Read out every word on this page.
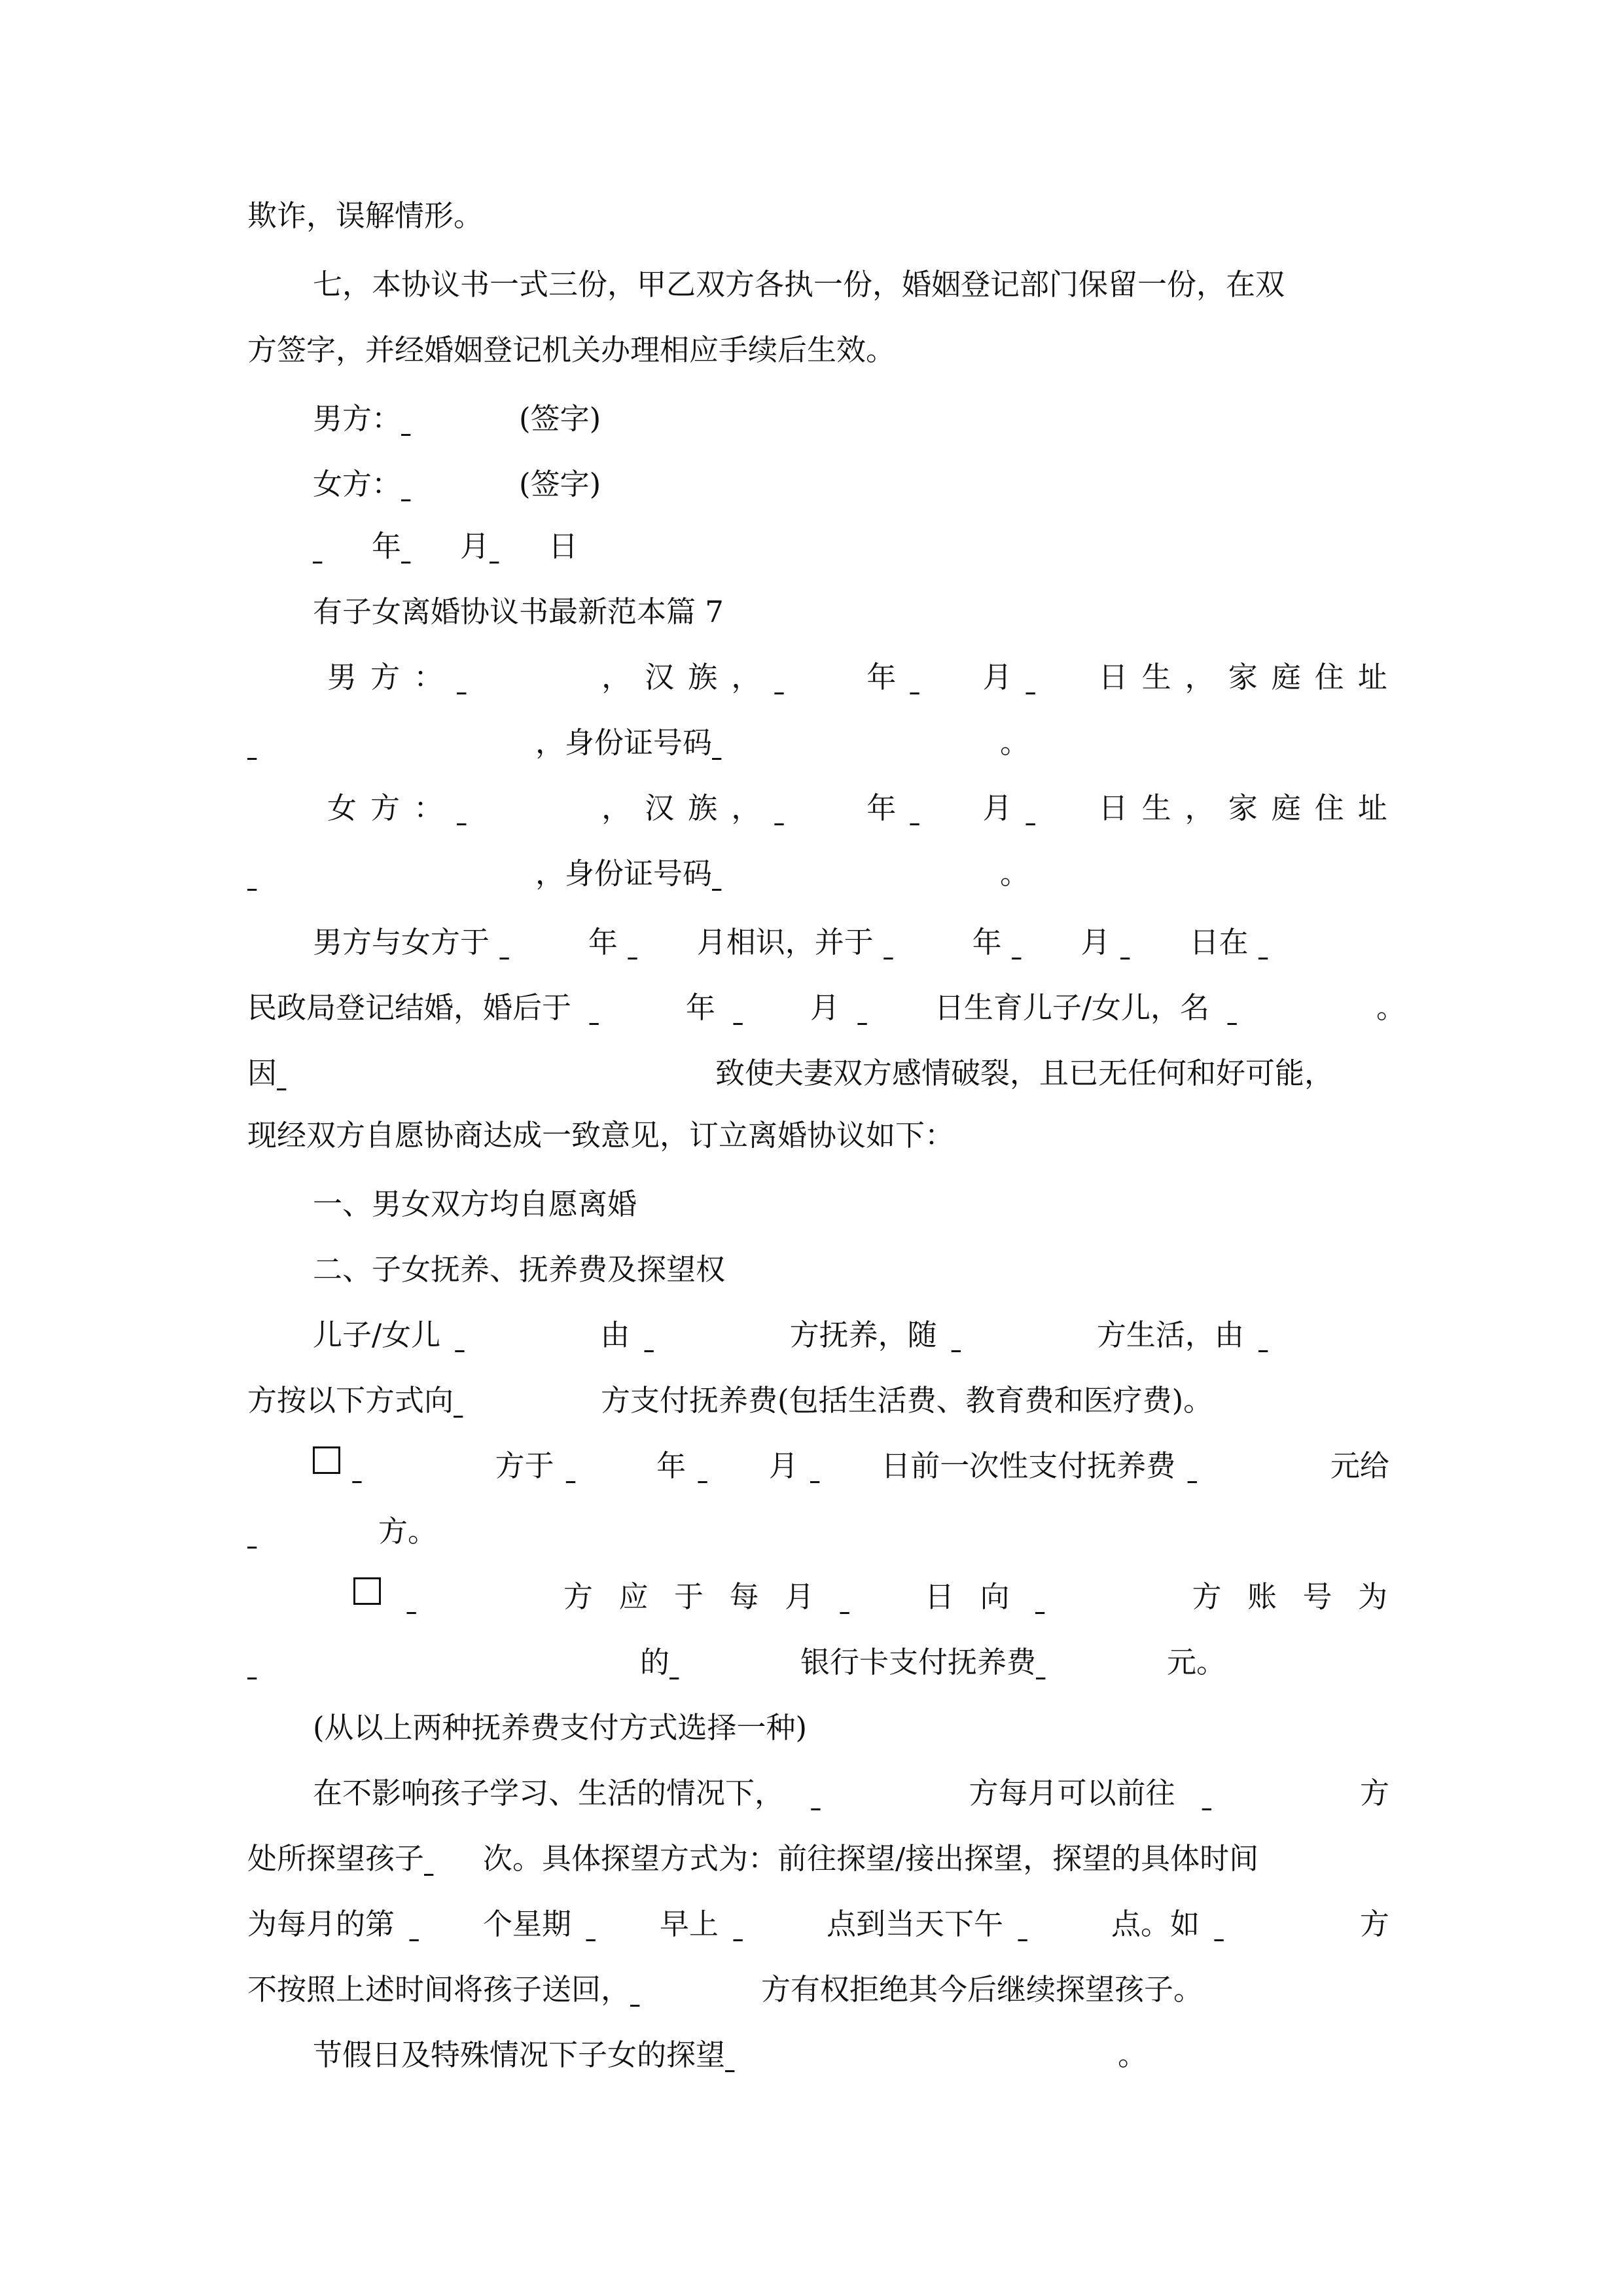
欺诈，误解情形。
七，本协议书一式三份，甲乙双方各执一份，婚姻登记部门保留一份，在双
方签字，并经婚姻登记机关办理相应手续后生效。
男方：	(签字)
女方：	(签字)
年 月 日
有子女离婚协议书最新范本篇 7
男 方 ：
	， 汉 族 ，
	年
	月
	日 生 ， 家 庭 住 址
，身份证号码	。
女 方 ：
	， 汉 族 ，
	年
	月
	日 生 ， 家 庭 住 址
，身份证号码	。
男方与女方于
	年
	月相识，并于
	年
	月
	日在

民政局登记结婚，婚后于
	年
	月
	日生育儿子/女儿，名
	。
因	致使夫妻双方感情破裂，且已无任何和好可能，
现经双方自愿协商达成一致意见，订立离婚协议如下：
一、男女双方均自愿离婚
二、子女抚养、抚养费及探望权
儿子/女儿
	由
	方抚养，随
	方生活，由

方按以下方式向	方支付抚养费(包括生活费、教育费和医疗费)。

方于
	年
	月
	日前一次性支付抚养费
	元给
方。

方 应 于 每 月
	日 向
	方 账 号 为
的	银行卡支付抚养费	元。
(从以上两种抚养费支付方式选择一种)
在不影响孩子学习、生活的情况下，
	方每月可以前往
	方
处所探望孩子 次。具体探望方式为：前往探望/接出探望，探望的具体时间
为每月的第
	个星期
	早上
	点到当天下午
	点。如
	方
不按照上述时间将孩子送回，	方有权拒绝其今后继续探望孩子。
节假日及特殊情况下子女的探望	。
